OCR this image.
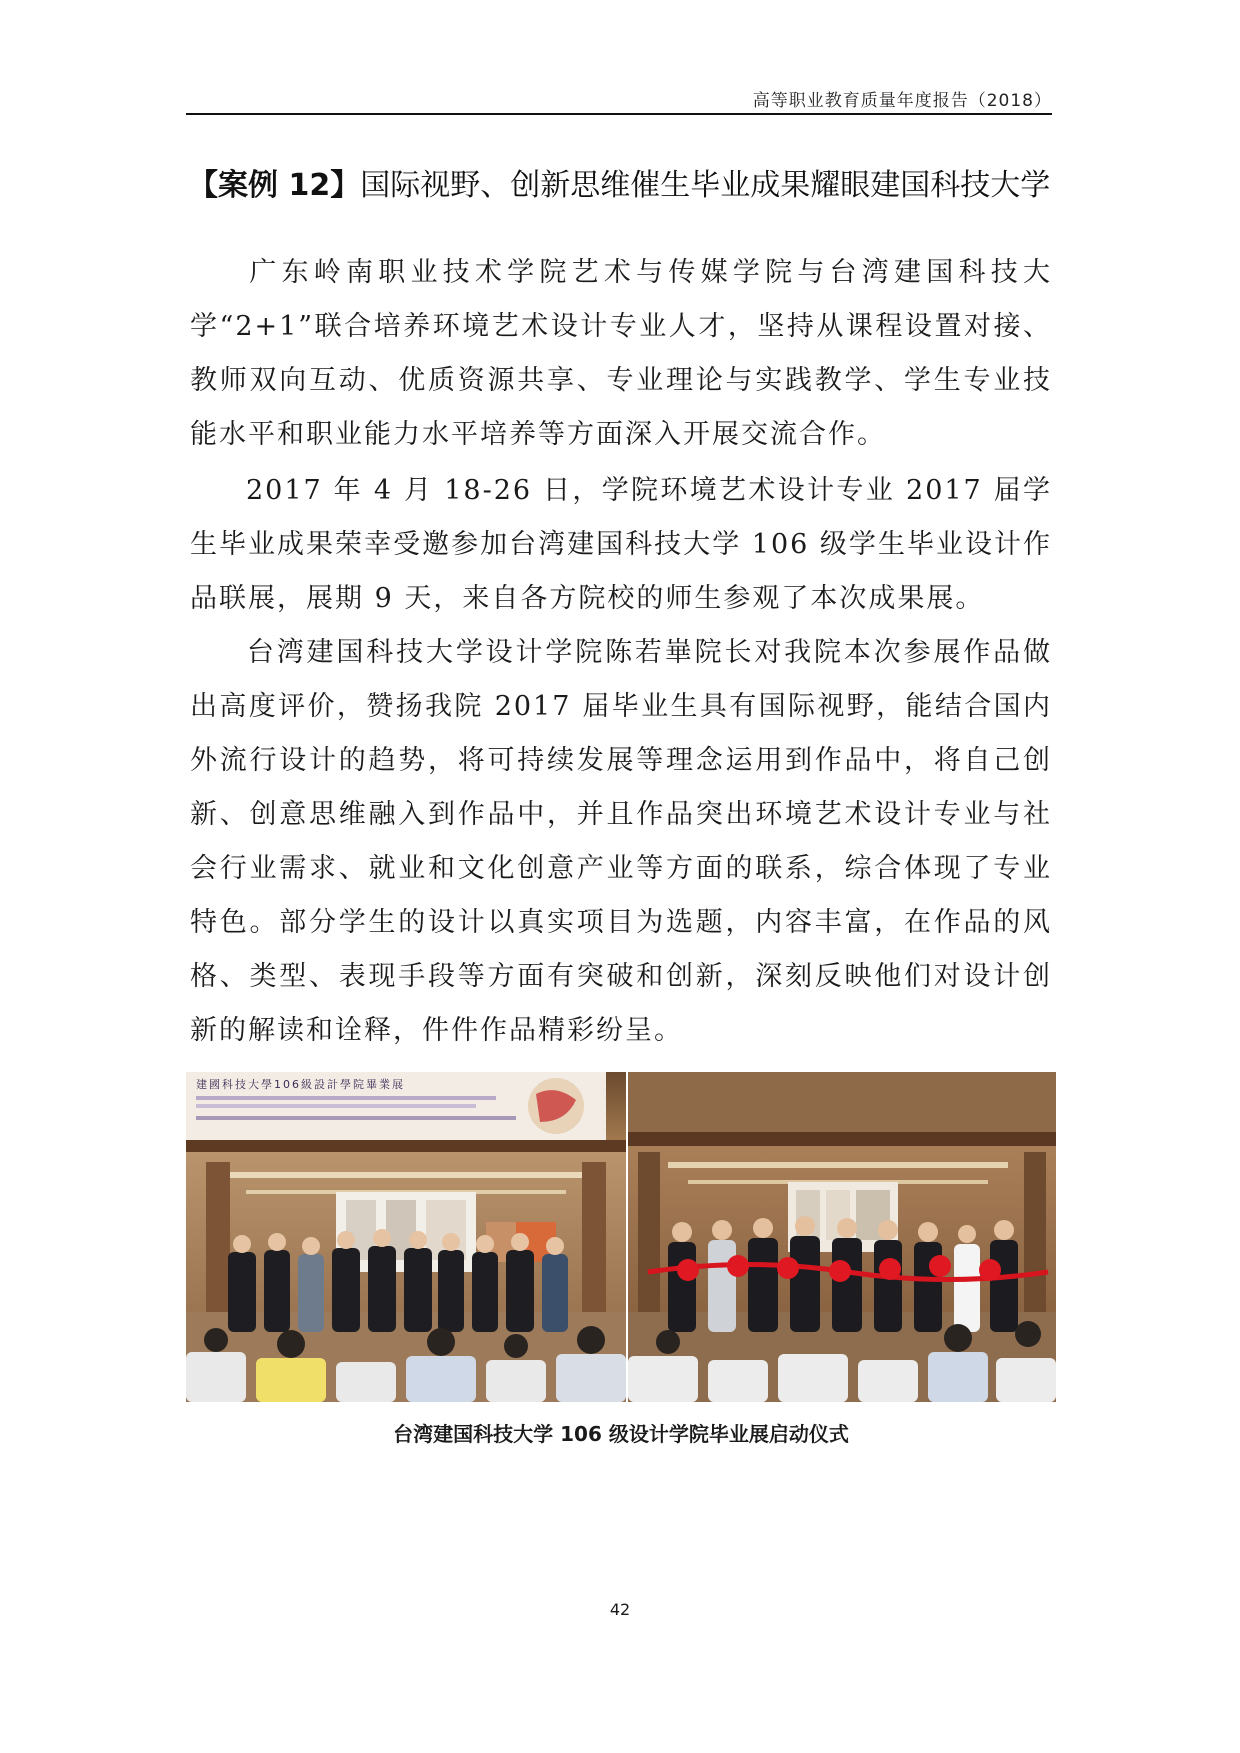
高等职业教育质量年度报告（2018）
【案例 12】国际视野、创新思维催生毕业成果耀眼建国科技大学

广东岭南职业技术学院艺术与传媒学院与台湾建国科技大学“2+1”联合培养环境艺术设计专业人才，坚持从课程设置对接、教师双向互动、优质资源共享、专业理论与实践教学、学生专业技能水平和职业能力水平培养等方面深入开展交流合作。

2017 年 4 月 18-26 日，学院环境艺术设计专业 2017 届学生毕业成果荣幸受邀参加台湾建国科技大学 106 级学生毕业设计作品联展，展期 9 天，来自各方院校的师生参观了本次成果展。

台湾建国科技大学设计学院陈若崋院长对我院本次参展作品做出高度评价，赞扬我院 2017 届毕业生具有国际视野，能结合国内外流行设计的趋势，将可持续发展等理念运用到作品中，将自己创新、创意思维融入到作品中，并且作品突出环境艺术设计专业与社会行业需求、就业和文化创意产业等方面的联系，综合体现了专业特色。部分学生的设计以真实项目为选题，内容丰富，在作品的风格、类型、表现手段等方面有突破和创新，深刻反映他们对设计创新的解读和诠释，件件作品精彩纷呈。

建國科技大學106級設計學院畢業展
台湾建国科技大学 106 级设计学院毕业展启动仪式
42
